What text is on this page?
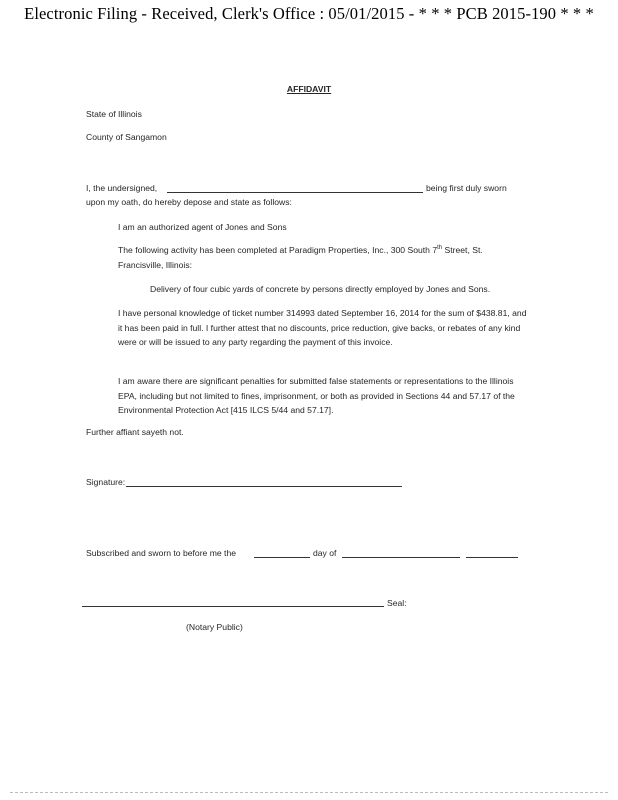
Electronic Filing - Received, Clerk's Office : 05/01/2015 - * * * PCB 2015-190 * * *
AFFIDAVIT
State of Illinois
County of Sangamon
I, the undersigned,	being first duly sworn
upon my oath, do hereby depose and state as follows:
I am an authorized agent of Jones and Sons
The following activity has been completed at Paradigm Properties, Inc., 300 South 7th Street, St.
Francisville, Illinois:
Delivery of four cubic yards of concrete by persons directly employed by Jones and Sons.
I have personal knowledge of ticket number 314993 dated September 16, 2014 for the sum of $438.81, and it has been paid in full. I further attest that no discounts, price reduction, give backs, or rebates of any kind were or will be issued to any party regarding the payment of this invoice.
I am aware there are significant penalties for submitted false statements or representations to the Illinois EPA, including but not limited to fines, imprisonment, or both as provided in Sections 44 and 57.17 of the Environmental Protection Act [415 ILCS 5/44 and 57.17].
Further affiant sayeth not.
Signature:
Subscribed and sworn to before me the	day of
Seal:
(Notary Public)
